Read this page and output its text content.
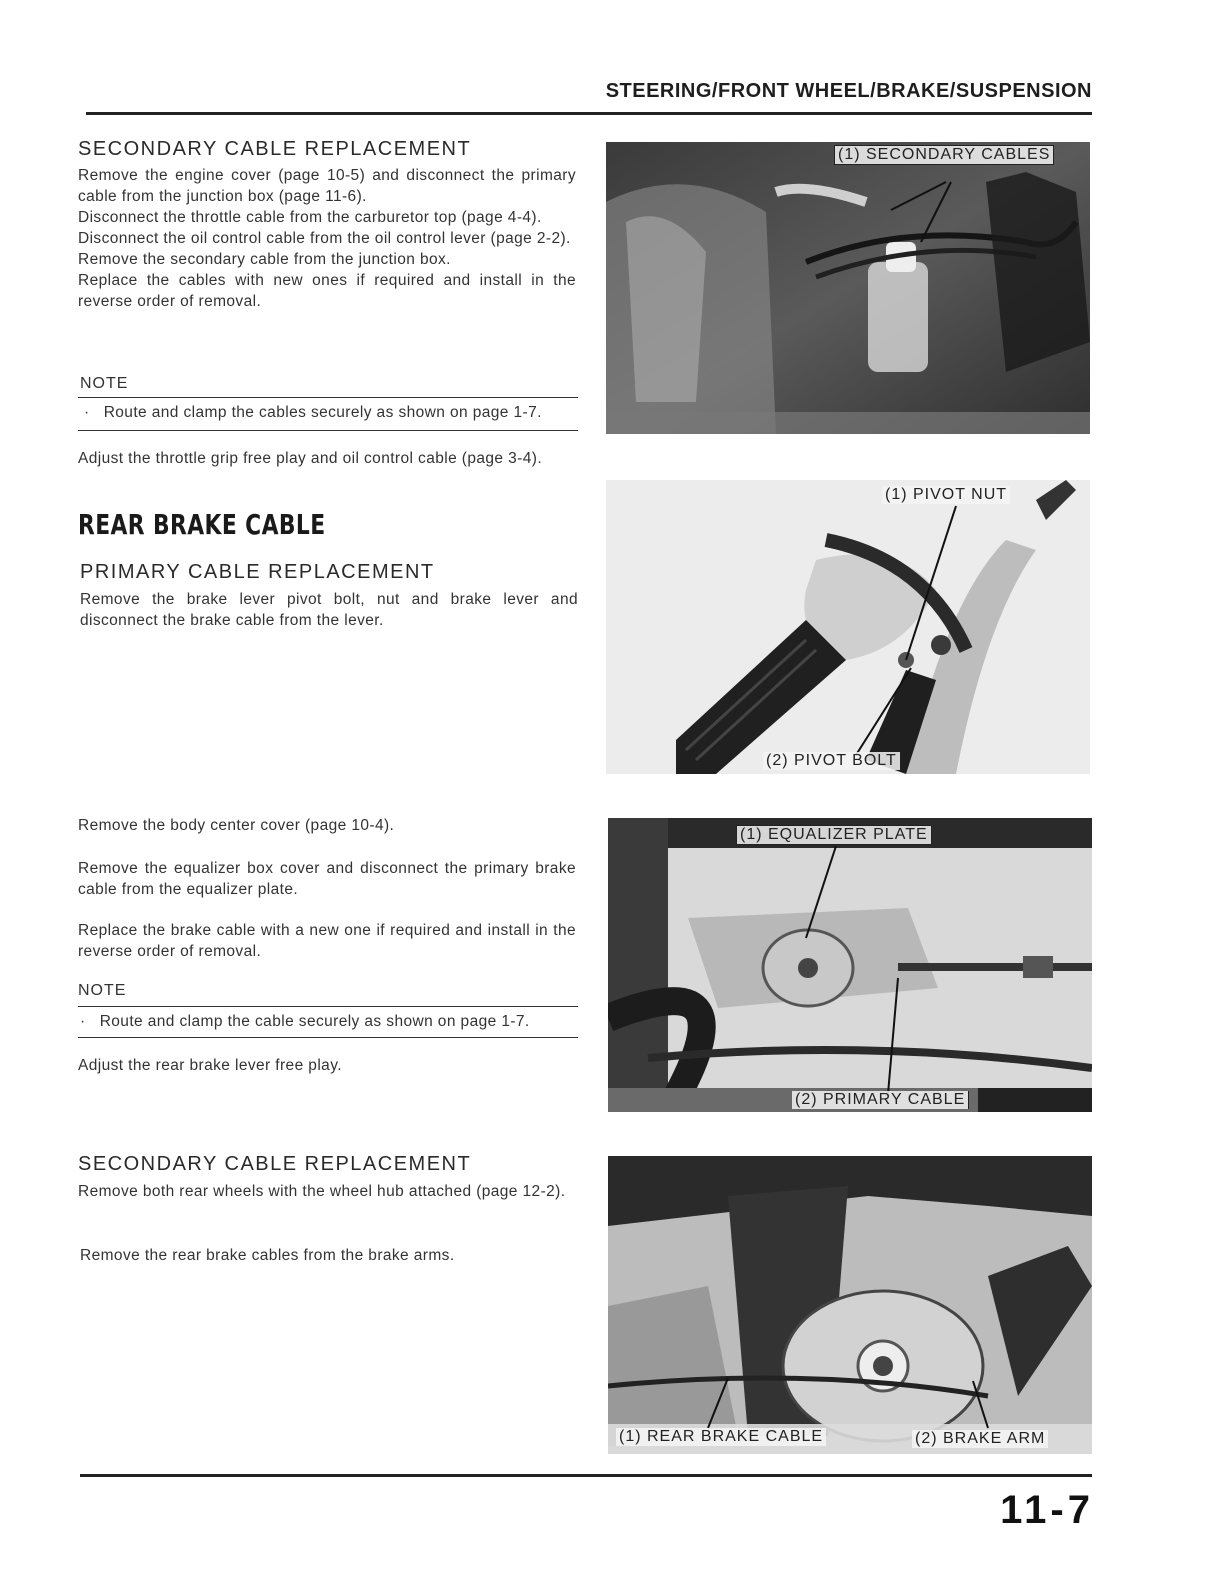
STEERING/FRONT WHEEL/BRAKE/SUSPENSION
SECONDARY CABLE REPLACEMENT

Remove the engine cover (page 10-5) and disconnect the primary cable from the junction box (page 11-6).

Disconnect the throttle cable from the carburetor top (page 4-4).

Disconnect the oil control cable from the oil control lever (page 2-2).

Remove the secondary cable from the junction box.

Replace the cables with new ones if required and install in the reverse order of removal.

NOTE
·   Route and clamp the cables securely as shown on page 1-7.
Adjust the throttle grip free play and oil control cable (page 3-4).
REAR BRAKE CABLE
PRIMARY CABLE REPLACEMENT
Remove the brake lever pivot bolt, nut and brake lever and disconnect the brake cable from the lever.
Remove the body center cover (page 10-4).
Remove the equalizer box cover and disconnect the primary brake cable from the equalizer plate.
Replace the brake cable with a new one if required and install in the reverse order of removal.
NOTE
·   Route and clamp the cable securely as shown on page 1-7.
Adjust the rear brake lever free play.
SECONDARY CABLE REPLACEMENT
Remove both rear wheels with the wheel hub attached (page 12-2).
Remove the rear brake cables from the brake arms.
(1) SECONDARY CABLES
(1) PIVOT NUT
(2) PIVOT BOLT
(1) EQUALIZER PLATE
(2) PRIMARY CABLE
(1) REAR BRAKE CABLE	(2) BRAKE ARM
11-7
